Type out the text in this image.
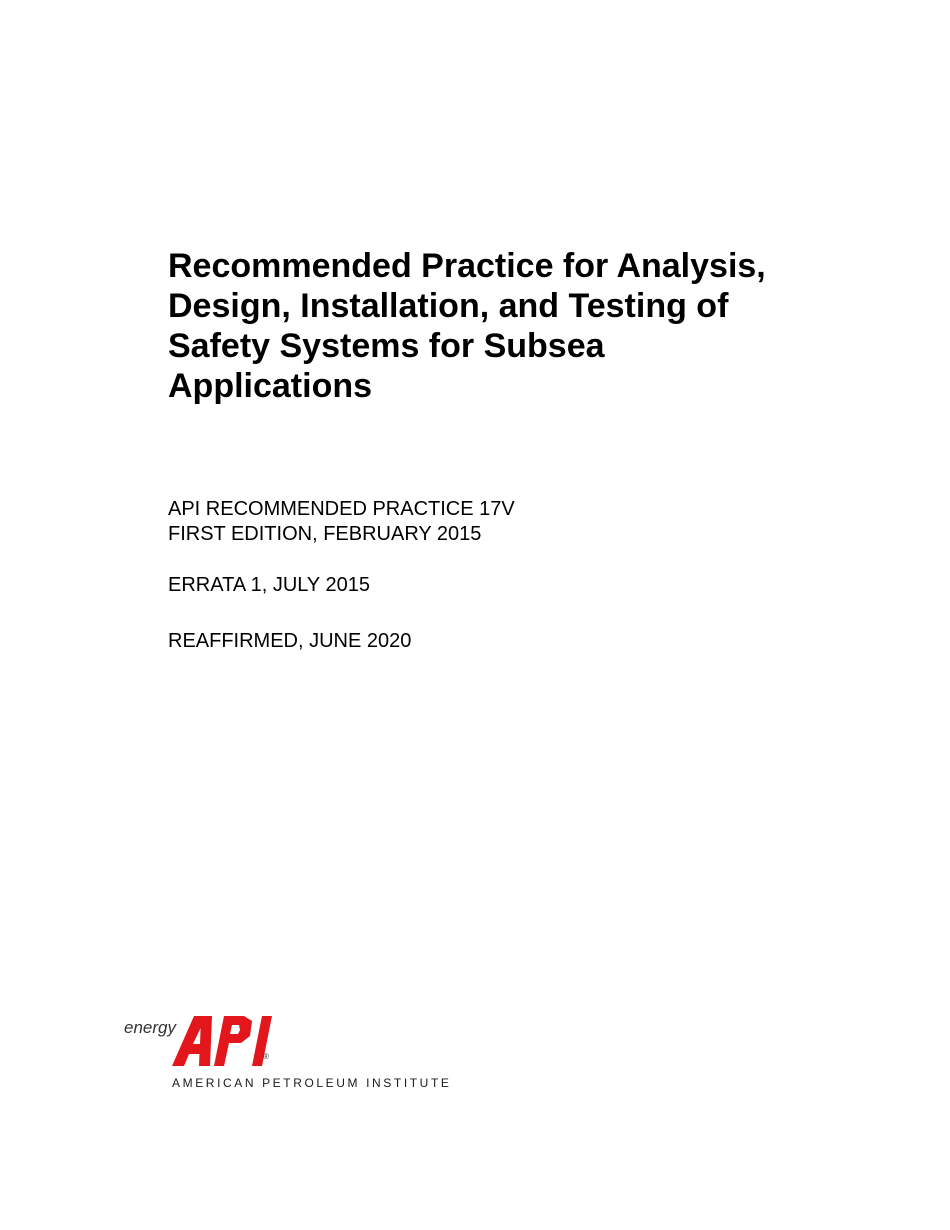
Recommended Practice for Analysis,
Design, Installation, and Testing of
Safety Systems for Subsea
Applications
API RECOMMENDED PRACTICE 17V
FIRST EDITION, FEBRUARY 2015
ERRATA 1, JULY 2015
REAFFIRMED, JUNE 2020
energy
®
AMERICAN PETROLEUM INSTITUTE
